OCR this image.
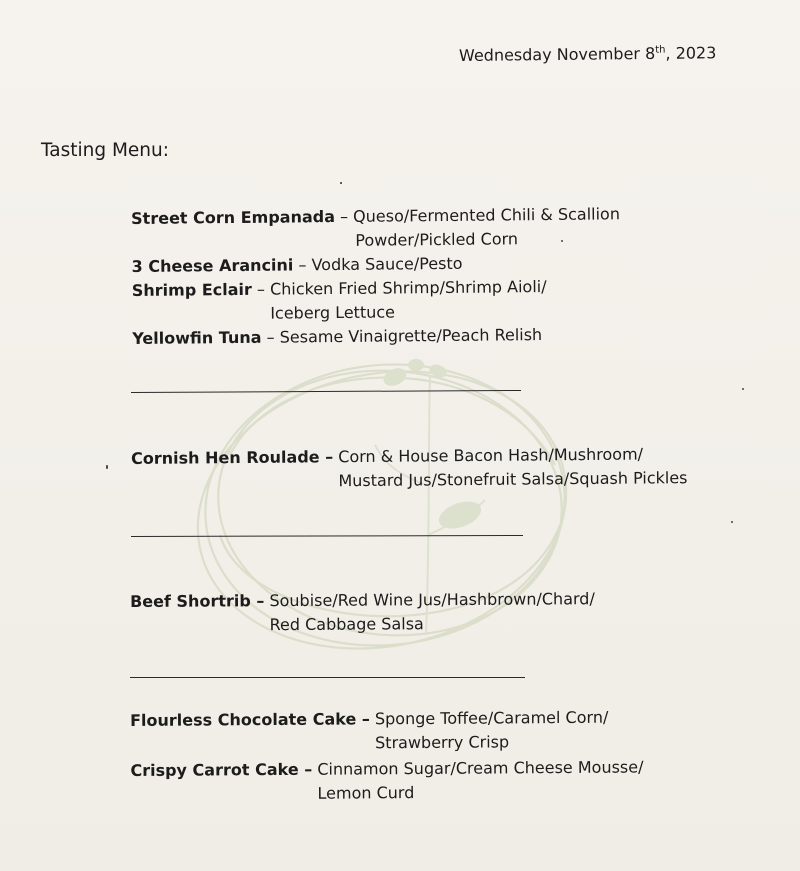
Wednesday November 8th, 2023
Tasting Menu:
Street Corn Empanada – Queso/Fermented Chili & Scallion
Powder/Pickled Corn
3 Cheese Arancini – Vodka Sauce/Pesto
Shrimp Eclair – Chicken Fried Shrimp/Shrimp Aioli/
Iceberg Lettuce
Yellowfin Tuna – Sesame Vinaigrette/Peach Relish
Cornish Hen Roulade – Corn & House Bacon Hash/Mushroom/
Mustard Jus/Stonefruit Salsa/Squash Pickles
Beef Shortrib – Soubise/Red Wine Jus/Hashbrown/Chard/
Red Cabbage Salsa
Flourless Chocolate Cake – Sponge Toffee/Caramel Corn/
Strawberry Crisp
Crispy Carrot Cake – Cinnamon Sugar/Cream Cheese Mousse/
Lemon Curd
